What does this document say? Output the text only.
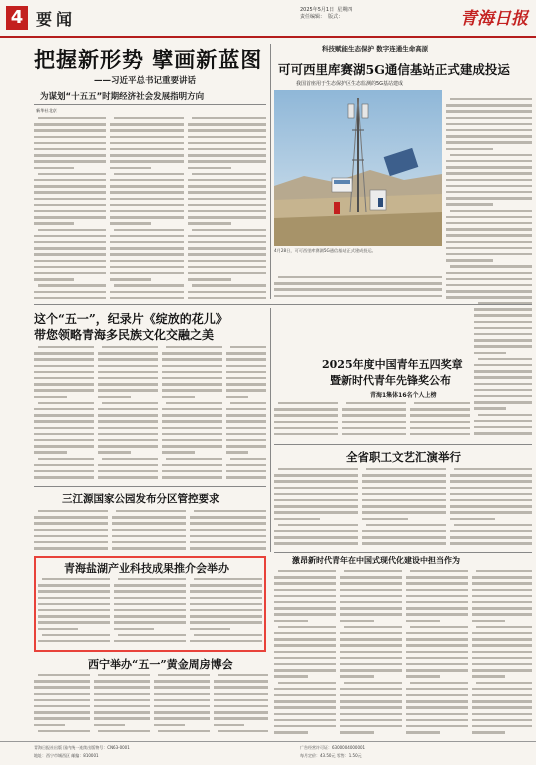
4 要闻	2025年5月1日  星期四
责任编辑：  版式：	青海日报
把握新形势 擘画新蓝图
——习近平总书记重要讲话
为谋划“十五五”时期经济社会发展指明方向
新华社北京
科技赋能生态保护 数字连通生命高原
可可西里库赛湖5G通信基站正式建成投运
我国首座用于生态保护区生态监测的5G基站建成
4月28日，可可西里库赛湖5G通信基站正式建成投运。
这个“五一”，纪录片《绽放的花儿》
带您领略青海多民族文化交融之美
2025年度中国青年五四奖章
暨新时代青年先锋奖公布
青海1集体16名个人上榜
全省职工文艺汇演举行
三江源国家公园发布分区管控要求
青海盐湖产业科技成果推介会举办
激昂新时代青年在中国式现代化建设中担当作为
西宁举办“五一”黄金周房博会
青海日报社出版 国内统一连续出版物号：CN63-0001
地址：西宁市城西区 邮编：810001
广告经营许可证：6300004000001
每月定价：43.50元 零售：1.50元
